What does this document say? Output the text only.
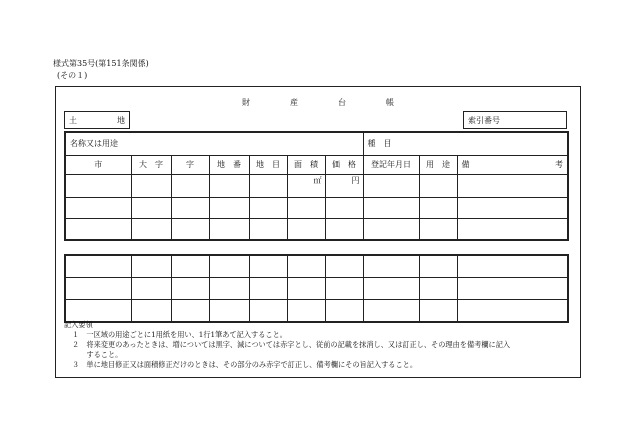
様式第35号(第151条関係)
(その１)
財　　　　　産　　　　　台　　　　　帳
土	地	索引番号
名称又は用途							種　目		
市	大　字	字	地　番	地　目	面　積	価　格	登記年月日	用　途	備 考

					㎡	円			

記入要領
１　一区域の用途ごとに1用紙を用い、1行1筆あて記入すること。
２　将来変更のあったときは、増については黒字、減については赤字とし、従前の記載を抹消し、又は訂正し、その理由を備考欄に記入
　　すること。
３　単に地目修正又は面積修正だけのときは、その部分のみ赤字で訂正し、備考欄にその旨記入すること。
